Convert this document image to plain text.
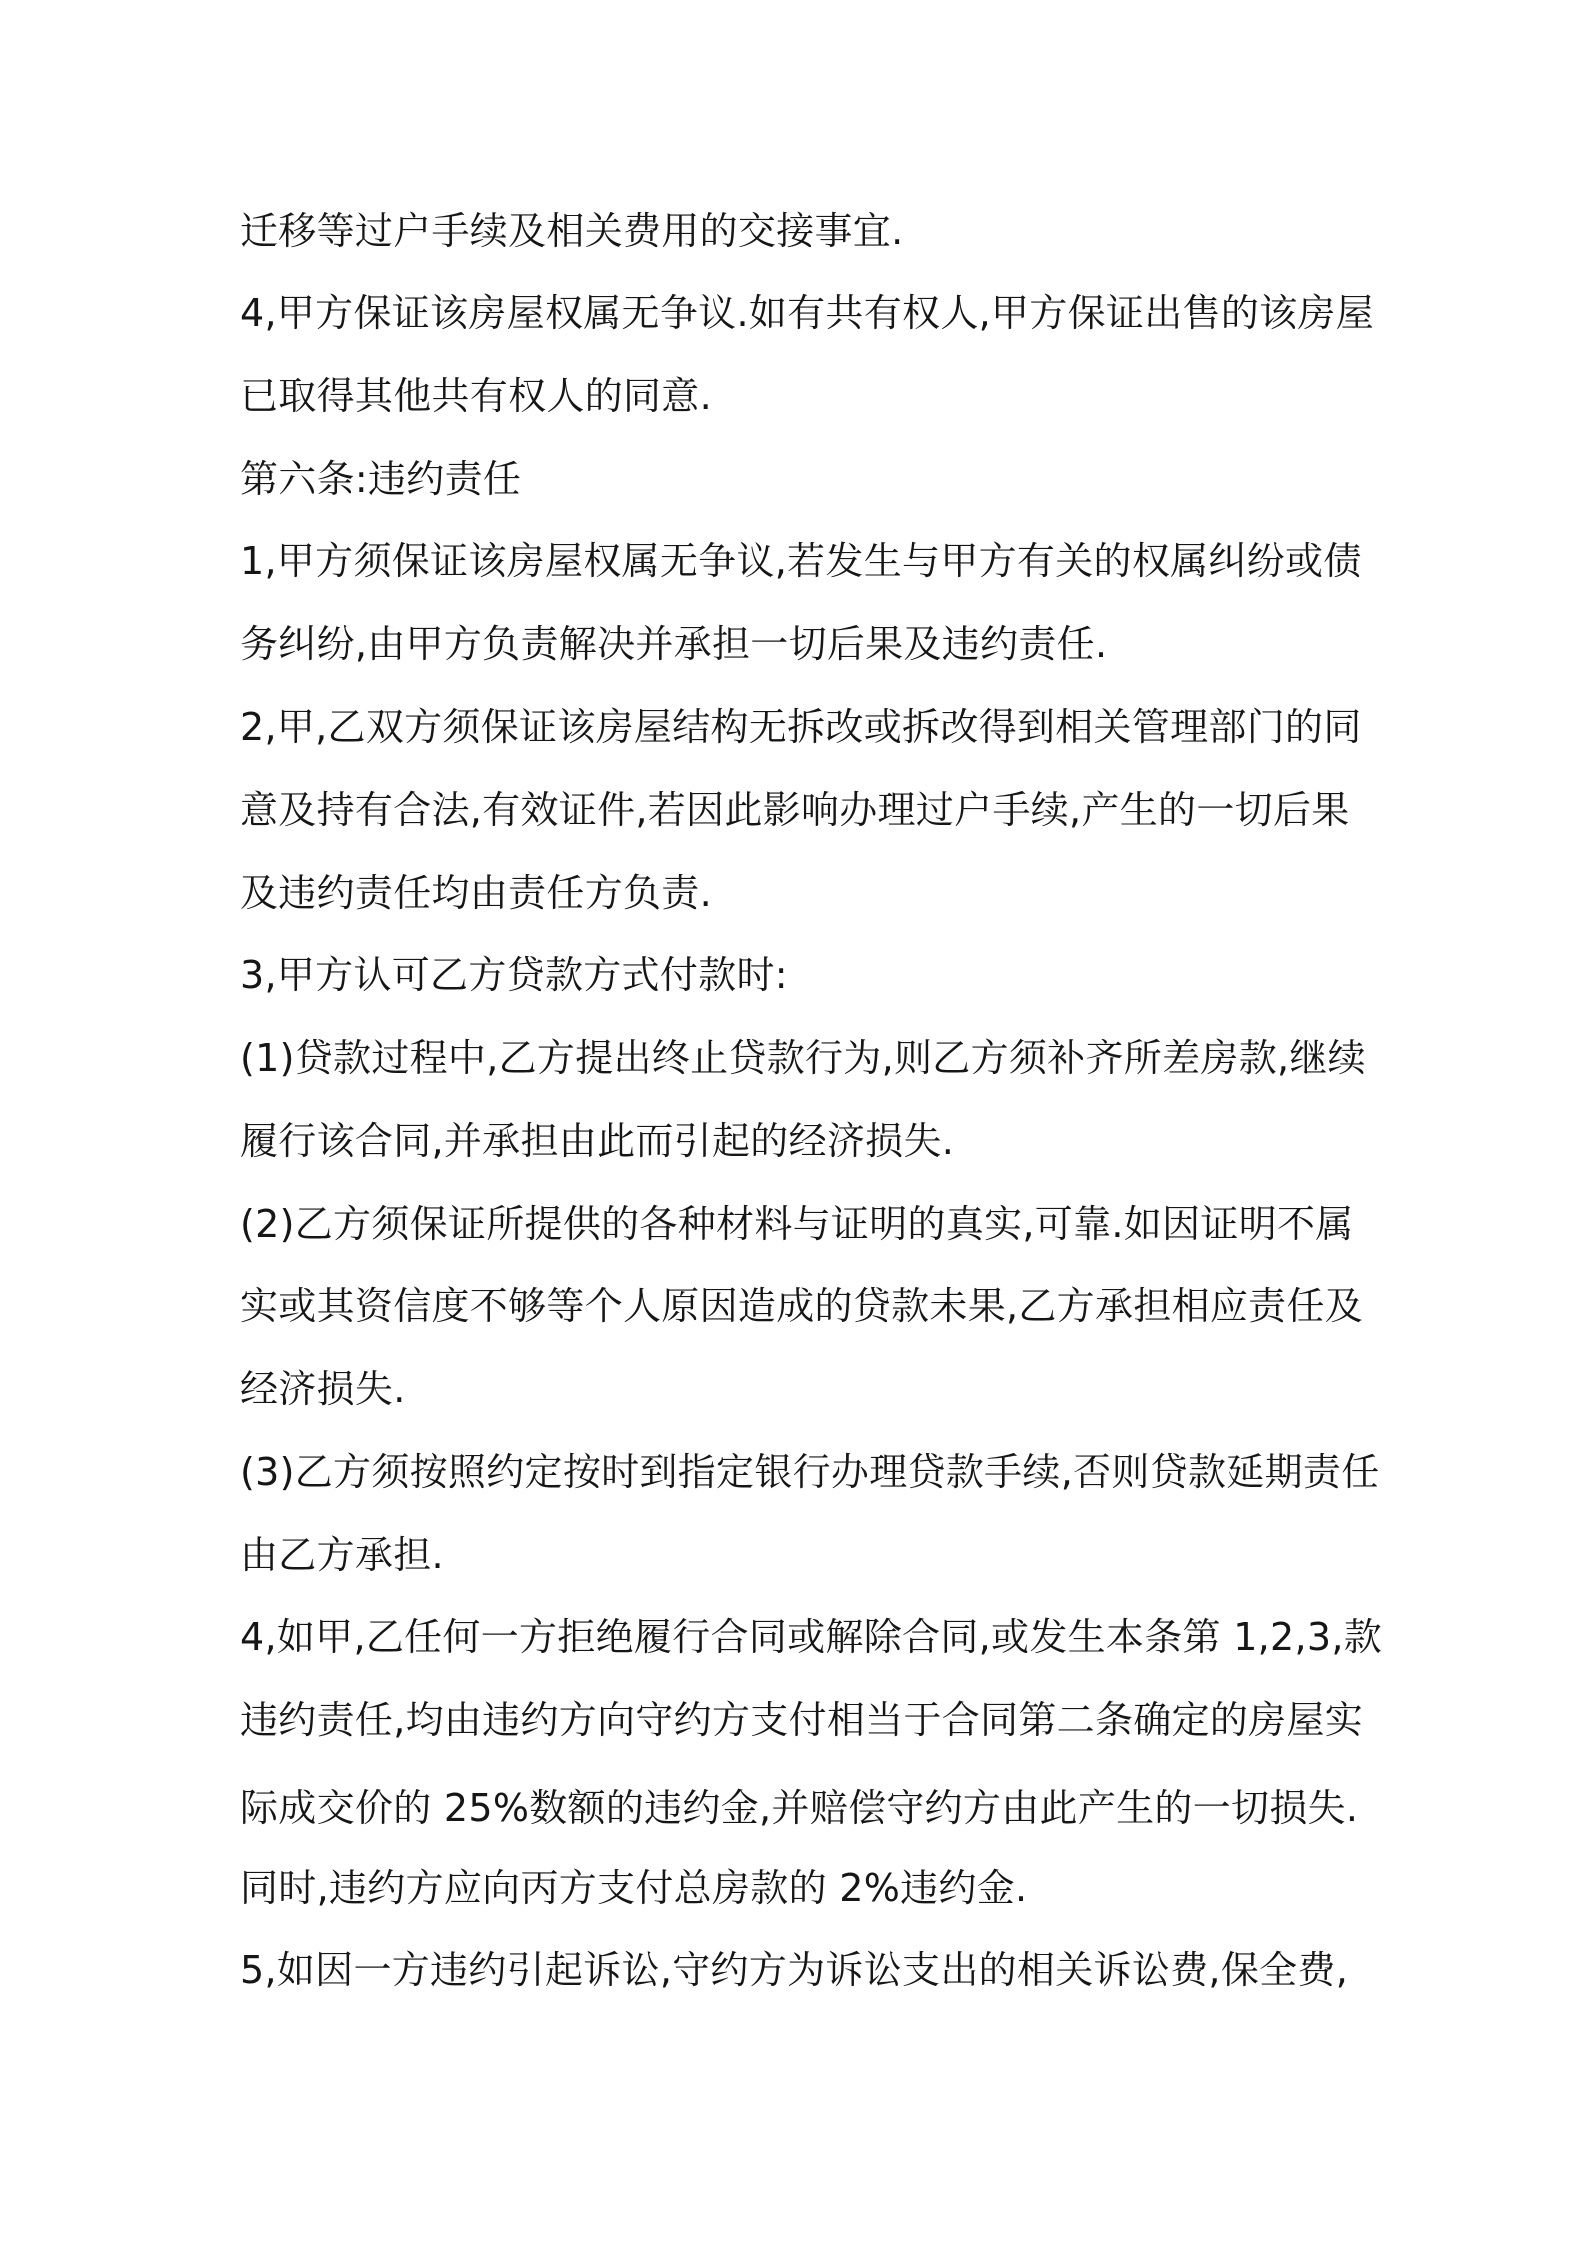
迁移等过户手续及相关费用的交接事宜.
4,甲方保证该房屋权属无争议.如有共有权人,甲方保证出售的该房屋
已取得其他共有权人的同意.
第六条:违约责任
1,甲方须保证该房屋权属无争议,若发生与甲方有关的权属纠纷或债
务纠纷,由甲方负责解决并承担一切后果及违约责任.
2,甲,乙双方须保证该房屋结构无拆改或拆改得到相关管理部门的同
意及持有合法,有效证件,若因此影响办理过户手续,产生的一切后果
及违约责任均由责任方负责.
3,甲方认可乙方贷款方式付款时:
(1)贷款过程中,乙方提出终止贷款行为,则乙方须补齐所差房款,继续
履行该合同,并承担由此而引起的经济损失.
(2)乙方须保证所提供的各种材料与证明的真实,可靠.如因证明不属
实或其资信度不够等个人原因造成的贷款未果,乙方承担相应责任及
经济损失.
(3)乙方须按照约定按时到指定银行办理贷款手续,否则贷款延期责任
由乙方承担.
4,如甲,乙任何一方拒绝履行合同或解除合同,或发生本条第 1,2,3,款
违约责任,均由违约方向守约方支付相当于合同第二条确定的房屋实
际成交价的 25%数额的违约金,并赔偿守约方由此产生的一切损失.
同时,违约方应向丙方支付总房款的 2%违约金.
5,如因一方违约引起诉讼,守约方为诉讼支出的相关诉讼费,保全费,
